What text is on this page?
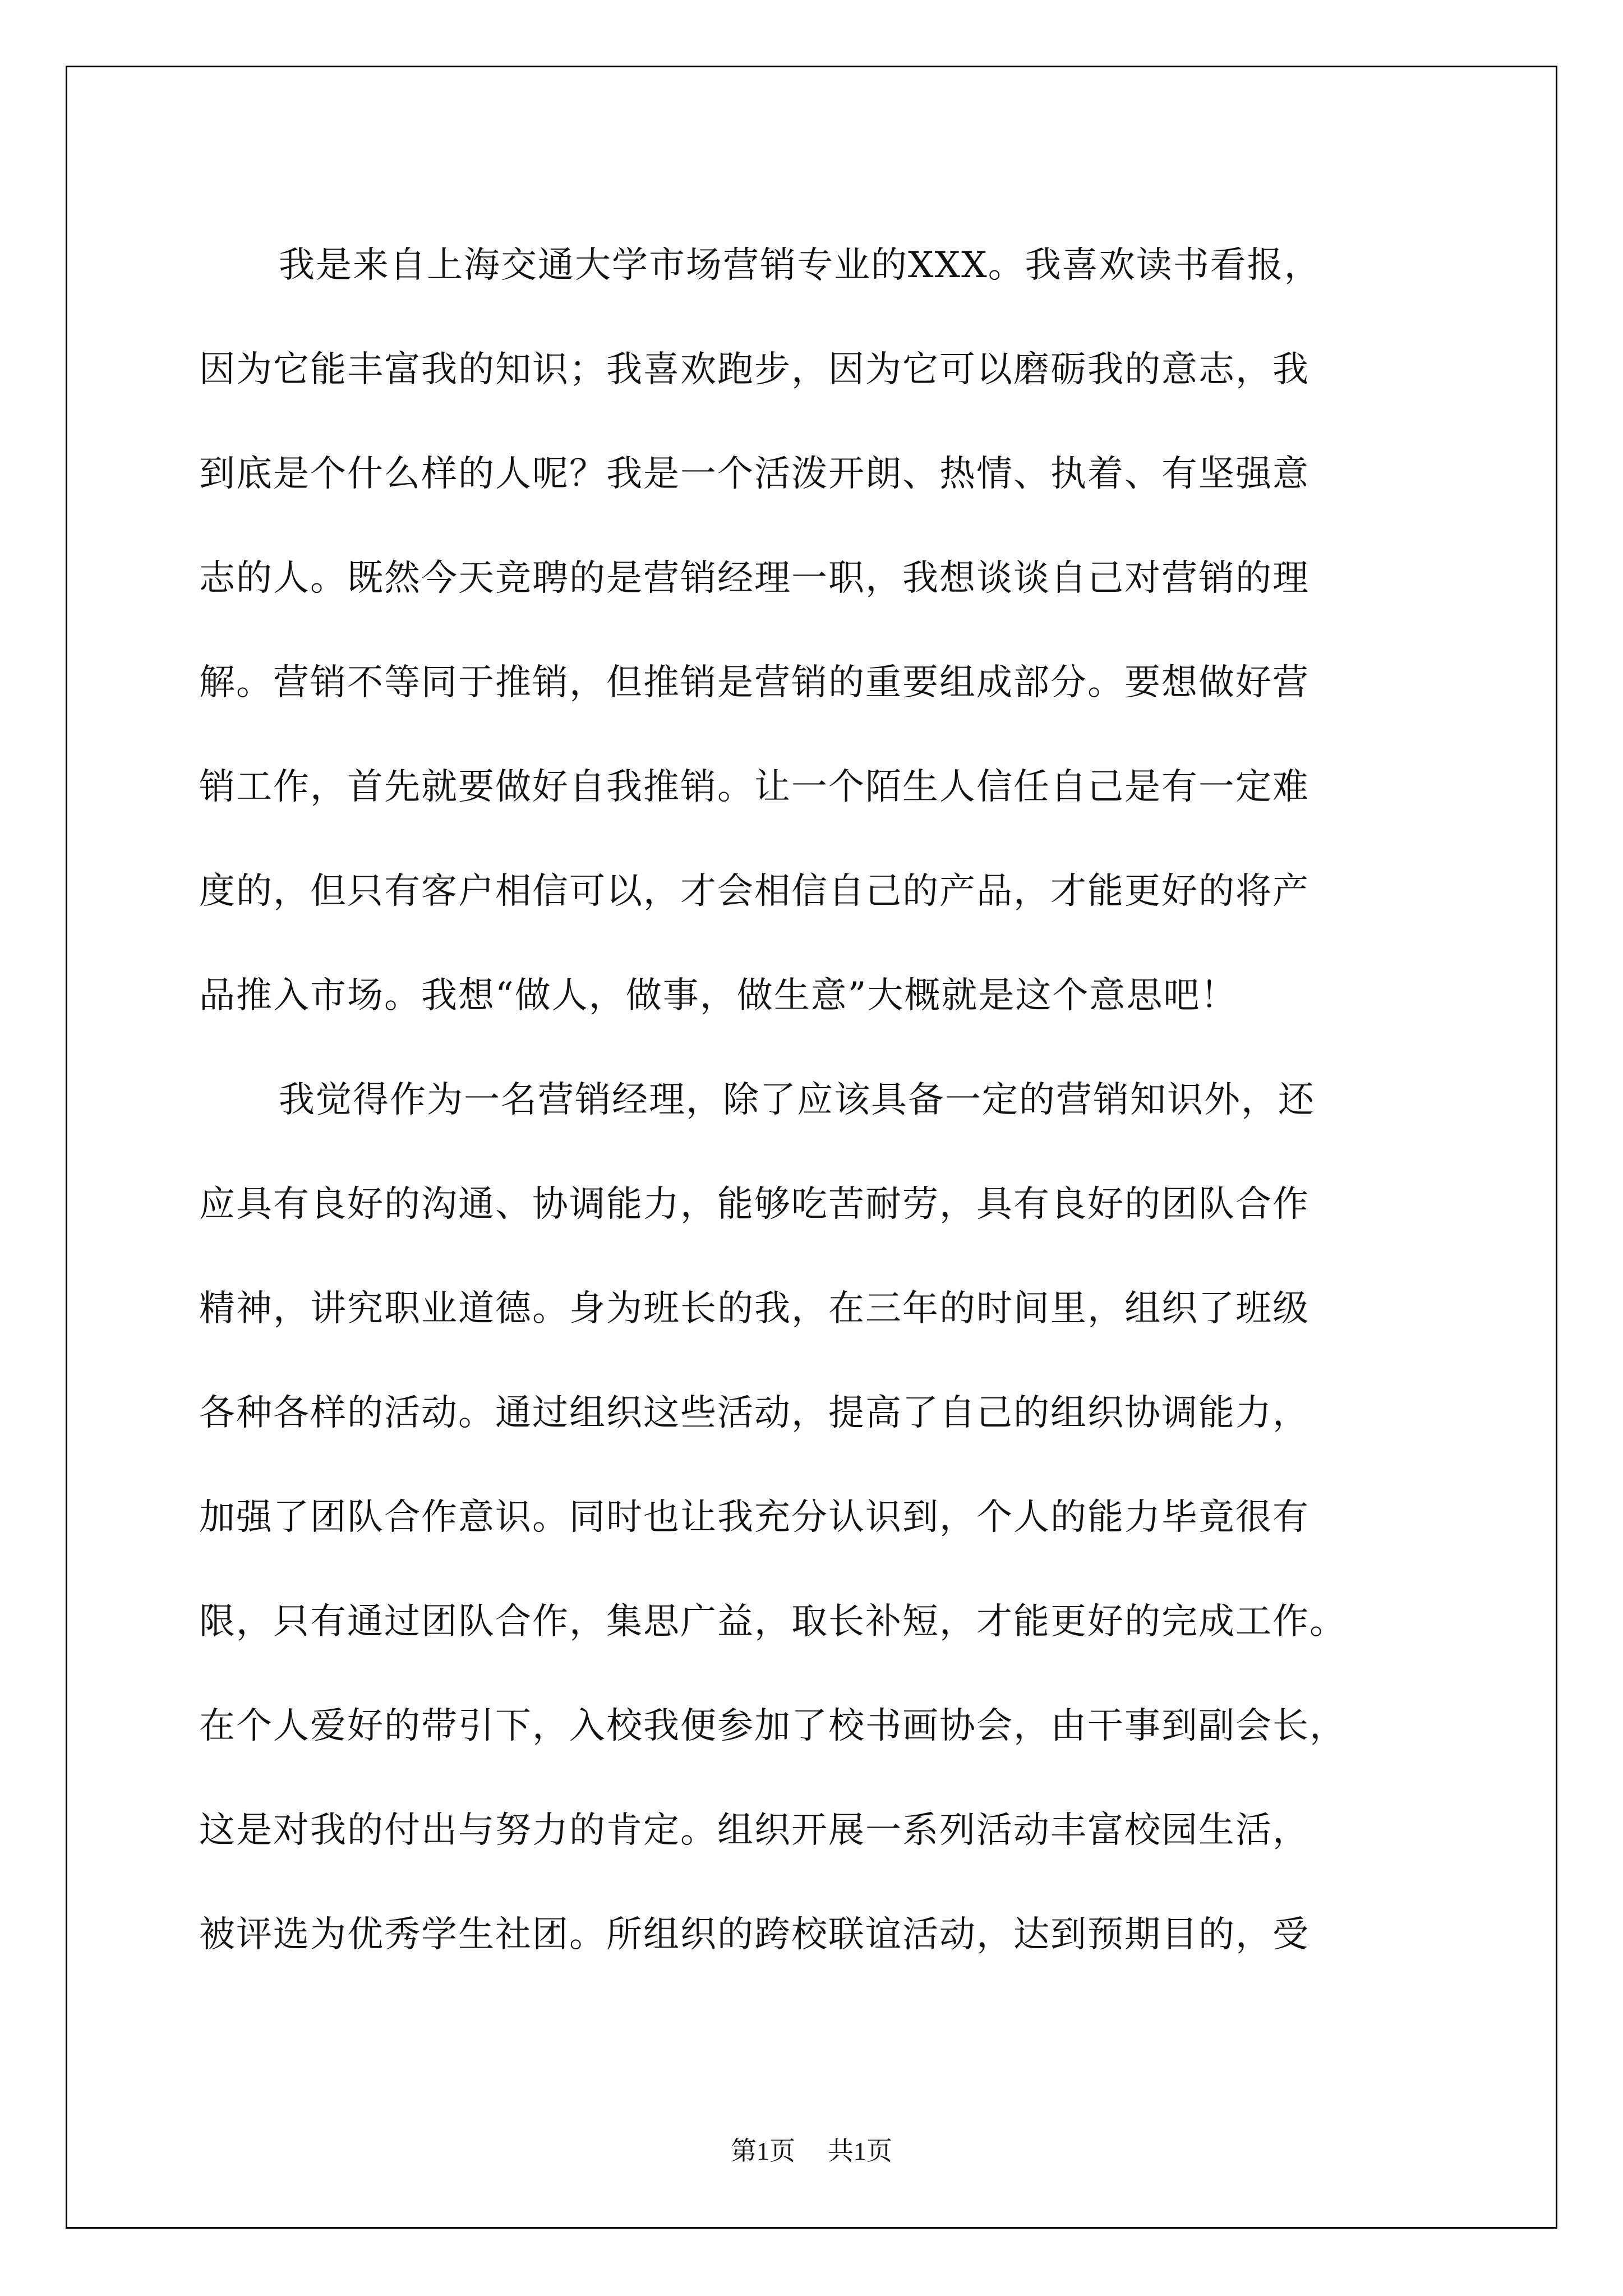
我是来自上海交通大学市场营销专业的XXX。我喜欢读书看报，
因为它能丰富我的知识；我喜欢跑步，因为它可以磨砺我的意志，我
到底是个什么样的人呢？我是一个活泼开朗、热情、执着、有坚强意
志的人。既然今天竞聘的是营销经理一职，我想谈谈自己对营销的理
解。营销不等同于推销，但推销是营销的重要组成部分。要想做好营
销工作，首先就要做好自我推销。让一个陌生人信任自己是有一定难
度的，但只有客户相信可以，才会相信自己的产品，才能更好的将产
品推入市场。我想“做人，做事，做生意”大概就是这个意思吧！
我觉得作为一名营销经理，除了应该具备一定的营销知识外，还
应具有良好的沟通、协调能力，能够吃苦耐劳，具有良好的团队合作
精神，讲究职业道德。身为班长的我，在三年的时间里，组织了班级
各种各样的活动。通过组织这些活动，提高了自己的组织协调能力，
加强了团队合作意识。同时也让我充分认识到，个人的能力毕竟很有
限，只有通过团队合作，集思广益，取长补短，才能更好的完成工作。
在个人爱好的带引下，入校我便参加了校书画协会，由干事到副会长，
这是对我的付出与努力的肯定。组织开展一系列活动丰富校园生活，
被评选为优秀学生社团。所组织的跨校联谊活动，达到预期目的，受
第1页 共1页
